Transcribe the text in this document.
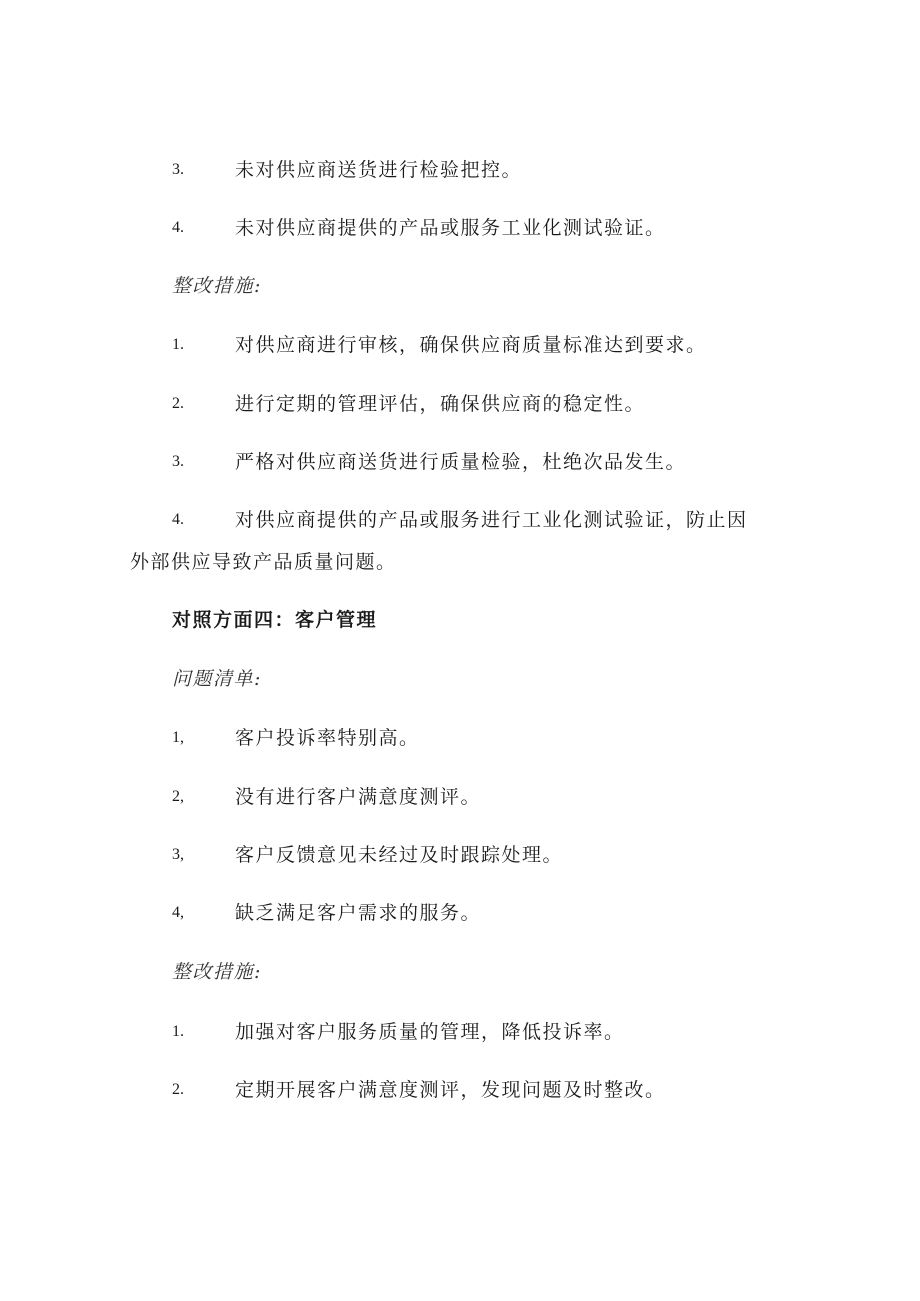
3.	未对供应商送货进行检验把控。
4.	未对供应商提供的产品或服务工业化测试验证。
整改措施:
1.	对供应商进行审核，确保供应商质量标准达到要求。
2.	进行定期的管理评估，确保供应商的稳定性。
3.	严格对供应商送货进行质量检验，杜绝次品发生。
4.	对供应商提供的产品或服务进行工业化测试验证，防止因
外部供应导致产品质量问题。
对照方面四：客户管理
问题清单:
1,	客户投诉率特别高。
2,	没有进行客户满意度测评。
3,	客户反馈意见未经过及时跟踪处理。
4,	缺乏满足客户需求的服务。
整改措施:
1.	加强对客户服务质量的管理，降低投诉率。
2.	定期开展客户满意度测评，发现问题及时整改。
